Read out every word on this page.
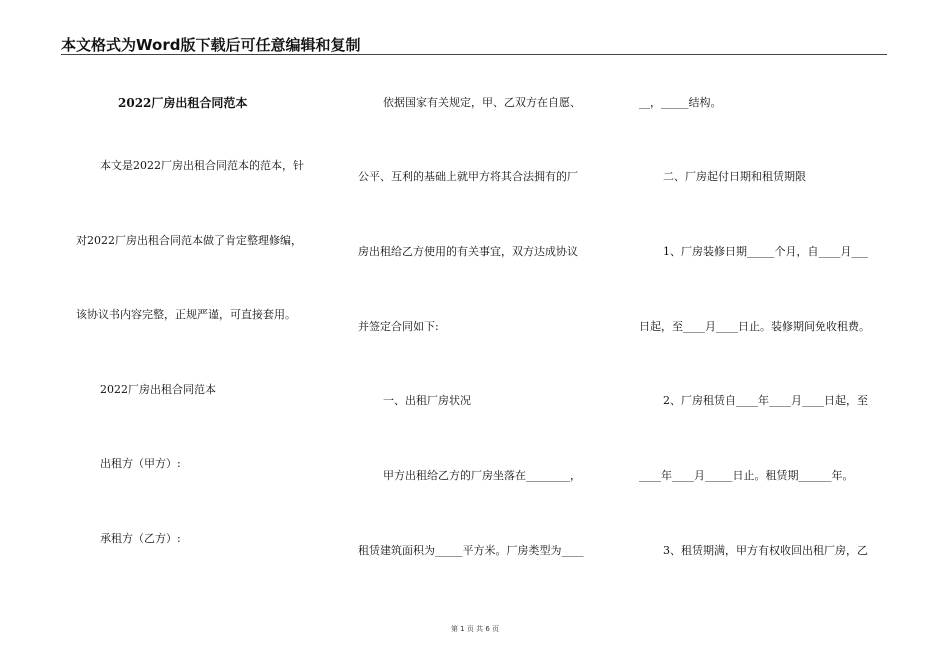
本文格式为Word版下载后可任意编辑和复制
2022厂房出租合同范本
本文是2022厂房出租合同范本的范本，针
对2022厂房出租合同范本做了肯定整理修编，
该协议书内容完整，正规严谨，可直接套用。
2022厂房出租合同范本
出租方（甲方）:
承租方（乙方）:
依据国家有关规定，甲、乙双方在自愿、
公平、互利的基础上就甲方将其合法拥有的厂
房出租给乙方使用的有关事宜，双方达成协议
并签定合同如下:
一、出租厂房状况
甲方出租给乙方的厂房坐落在________，
租赁建筑面积为_____平方米。厂房类型为____
__，_____结构。
二、厂房起付日期和租赁期限
1、厂房装修日期_____个月，自____月___
日起，至____月____日止。装修期间免收租费。
2、厂房租赁自____年____月____日起，至
____年____月_____日止。租赁期______年。
3、租赁期满，甲方有权收回出租厂房，乙
第 1 页 共 6 页
